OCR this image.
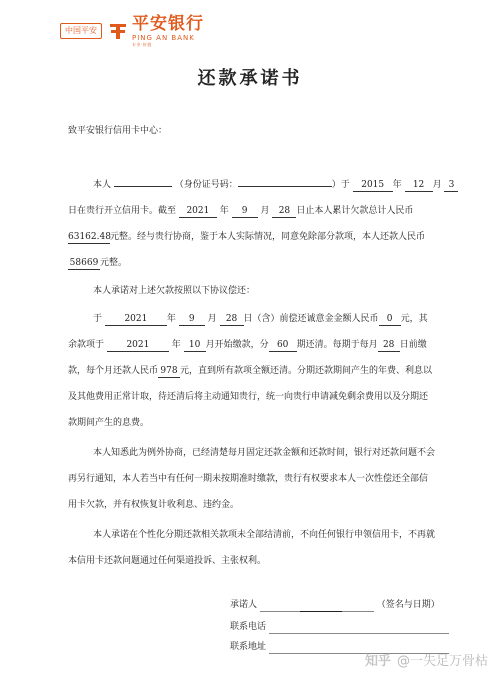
中国平安 平安银行
PING AN BANK
专业·价值
还款承诺书
致平安银行信用卡中心：
本人	（身份证号码：	）于 2015 年 12 月 3
日在贵行开立信用卡。截至 2021 年 9 月 28 日止本人累计欠款总计人民币
63162.48元整。经与贵行协商，鉴于本人实际情况，同意免除部分款项，本人还款人民币
58669 元整。
本人承诺对上述欠款按照以下协议偿还：
于 2021 年 9 月 28 日（含）前偿还诚意金金额人民币 0 元，其
余款项于 2021 年 10 月开始缴款，分 60 期还清。每期于每月 28 日前缴
款，每个月还款人民币 978 元，直到所有款项全额还清。分期还款期间产生的年费、利息以
及其他费用正常计取，待还清后将主动通知贵行，统一向贵行申请减免剩余费用以及分期还
款期间产生的息费。
本人知悉此为例外协商，已经清楚每月固定还款金额和还款时间，银行对还款问题不会
再另行通知，本人若当中有任何一期未按期准时缴款，贵行有权要求本人一次性偿还全部信
用卡欠款，并有权恢复计收利息、违约金。
本人承诺在个性化分期还款相关款项未全部结清前，不向任何银行申领信用卡，不再就
本信用卡还款问题通过任何渠道投诉、主张权利。
承诺人	（签名与日期）
联系电话
联系地址
知乎 @一失足万骨枯
